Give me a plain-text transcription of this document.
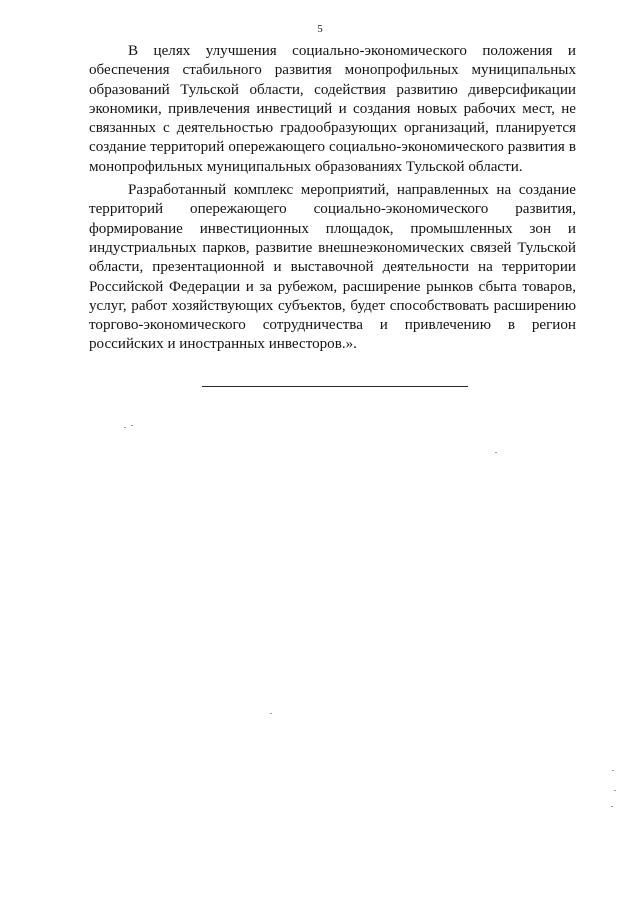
5

В целях улучшения социально-экономического положения и обеспечения стабильного развития монопрофильных муниципальных образований Тульской области, содействия развитию диверсификации экономики, привлечения инвестиций и создания новых рабочих мест, не связанных с деятельностью градообразующих организаций, планируется создание территорий опережающего социально-экономического развития в монопрофильных муниципальных образованиях Тульской области.

Разработанный комплекс мероприятий, направленных на создание территорий опережающего социально-экономического развития, формирование инвестиционных площадок, промышленных зон и индустриальных парков, развитие внешнеэкономических связей Тульской области, презентационной и выставочной деятельности на территории Российской Федерации и за рубежом, расширение рынков сбыта товаров, услуг, работ хозяйствующих субъектов, будет способствовать расширению торгово-экономического сотрудничества и привлечению в регион российских и иностранных инвесторов.».
